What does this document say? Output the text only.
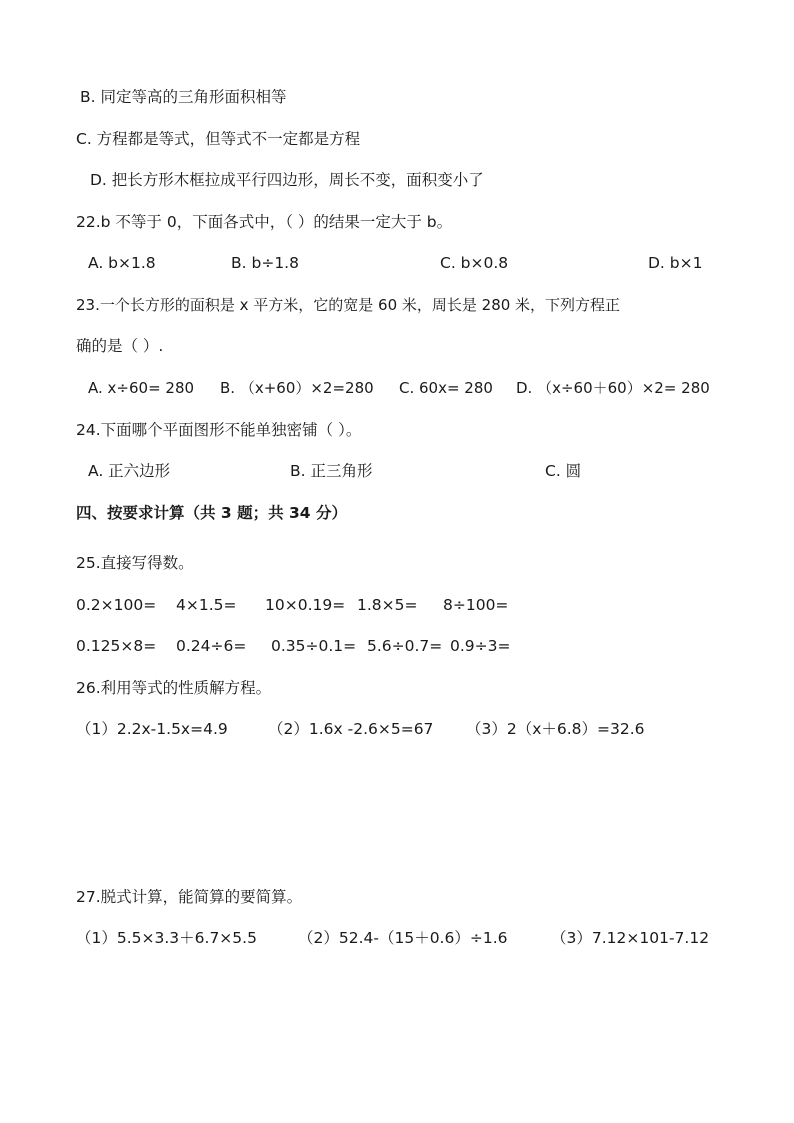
B. 同定等高的三角形面积相等
C. 方程都是等式，但等式不一定都是方程
D. 把长方形木框拉成平行四边形，周长不变，面积变小了
22.b 不等于 0，下面各式中，（ ）的结果一定大于 b。
A. b×1.8	B. b÷1.8	C. b×0.8	D. b×1
23.一个长方形的面积是 x 平方米，它的宽是 60 米，周长是 280 米，下列方程正
确的是（ ）.
A. x÷60= 280 B. （x+60）×2=280 C. 60x= 280 D. （x÷60＋60）×2= 280
24.下面哪个平面图形不能单独密铺（ ）。
A. 正六边形	B. 正三角形	C. 圆
四、按要求计算（共 3 题；共 34 分）
25.直接写得数。
0.2×100= 4×1.5= 10×0.19= 1.8×5= 8÷100=
0.125×8= 0.24÷6= 0.35÷0.1= 5.6÷0.7= 0.9÷3=
26.利用等式的性质解方程。
（1）2.2x-1.5x=4.9	（2）1.6x -2.6×5=67 （3）2（x＋6.8）=32.6
27.脱式计算，能简算的要简算。
（1）5.5×3.3＋6.7×5.5	（2）52.4-（15＋0.6）÷1.6	（3）7.12×101-7.12
